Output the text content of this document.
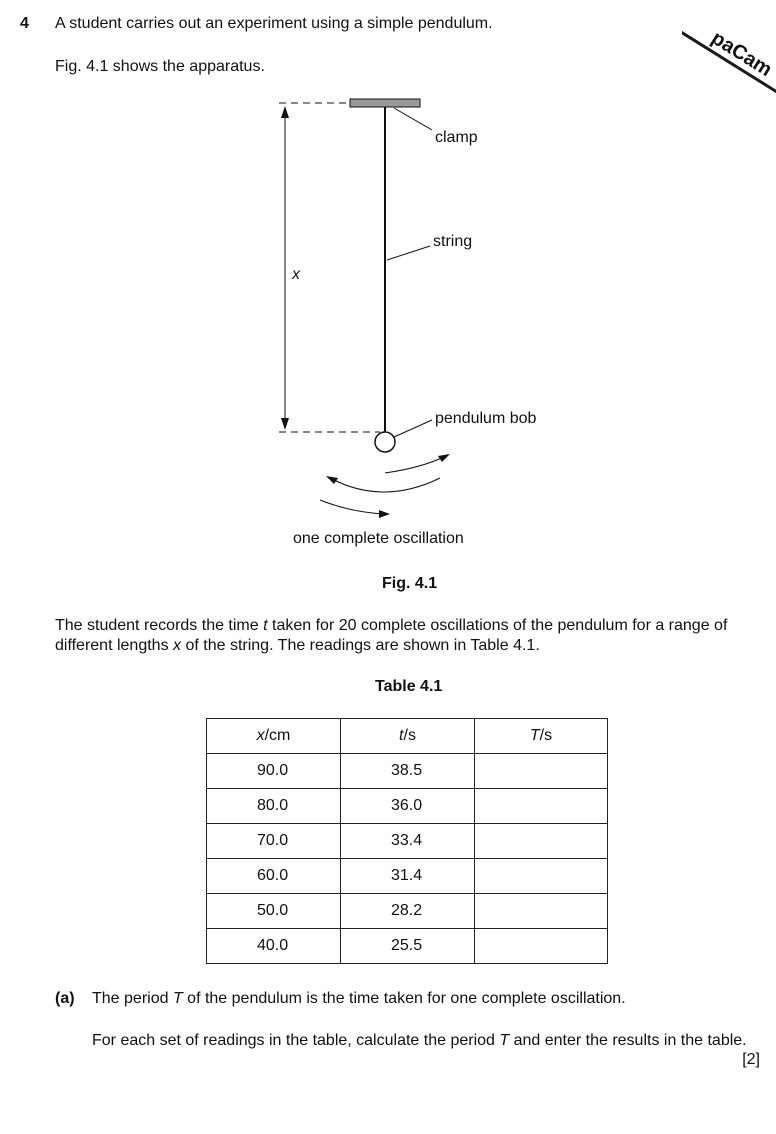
paCam
4 A student carries out an experiment using a simple pendulum.
Fig. 4.1 shows the apparatus.
x
clamp
string
pendulum bob
one complete oscillation
Fig. 4.1
The student records the time t taken for 20 complete oscillations of the pendulum for a range of different lengths x of the string. The readings are shown in Table 4.1.
Table 4.1
x/cm	t/s	T/s
90.0	38.5	
80.0	36.0	
70.0	33.4	
60.0	31.4	
50.0	28.2	
40.0	25.5	
(a) The period T of the pendulum is the time taken for one complete oscillation.
For each set of readings in the table, calculate the period T and enter the results in the table.
[2]
